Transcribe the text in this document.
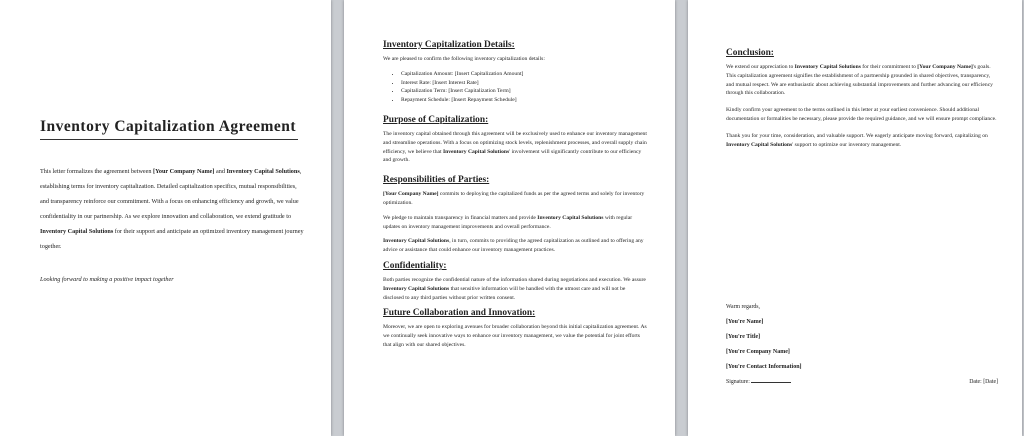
Inventory Capitalization Agreement

This letter formalizes the agreement between [Your Company Name] and Inventory Capital Solutions, establishing terms for inventory capitalization. Detailed capitalization specifics, mutual responsibilities, and transparency reinforce our commitment. With a focus on enhancing efficiency and growth, we value confidentiality in our partnership. As we explore innovation and collaboration, we extend gratitude to Inventory Capital Solutions for their support and anticipate an optimized inventory management journey together.

Looking forward to making a positive impact together
Inventory Capitalization Details:

We are pleased to confirm the following inventory capitalization details:

• Capitalization Amount: [Insert Capitalization Amount]
• Interest Rate: [Insert Interest Rate]
• Capitalization Term: [Insert Capitalization Term]
• Repayment Schedule: [Insert Repayment Schedule]
Purpose of Capitalization:

The inventory capital obtained through this agreement will be exclusively used to enhance our inventory management and streamline operations. With a focus on optimizing stock levels, replenishment processes, and overall supply chain efficiency, we believe that Inventory Capital Solutions' involvement will significantly contribute to our efficiency and growth.

Responsibilities of Parties:

[Your Company Name] commits to deploying the capitalized funds as per the agreed terms and solely for inventory optimization.

We pledge to maintain transparency in financial matters and provide Inventory Capital Solutions with regular updates on inventory management improvements and overall performance.

Inventory Capital Solutions, in turn, commits to providing the agreed capitalization as outlined and to offering any advice or assistance that could enhance our inventory management practices.

Confidentiality:

Both parties recognize the confidential nature of the information shared during negotiations and execution. We assure Inventory Capital Solutions that sensitive information will be handled with the utmost care and will not be disclosed to any third parties without prior written consent.

Future Collaboration and Innovation:

Moreover, we are open to exploring avenues for broader collaboration beyond this initial capitalization agreement. As we continually seek innovative ways to enhance our inventory management, we value the potential for joint efforts that align with our shared objectives.

Conclusion:

We extend our appreciation to Inventory Capital Solutions for their commitment to [Your Company Name]'s goals. This capitalization agreement signifies the establishment of a partnership grounded in shared objectives, transparency, and mutual respect. We are enthusiastic about achieving substantial improvements and further advancing our efficiency through this collaboration.

Kindly confirm your agreement to the terms outlined in this letter at your earliest convenience. Should additional documentation or formalities be necessary, please provide the required guidance, and we will ensure prompt compliance.

Thank you for your time, consideration, and valuable support. We eagerly anticipate moving forward, capitalizing on Inventory Capital Solutions' support to optimize our inventory management.

Warm regards,
[You're Name]
[You're Title]
[You're Company Name]
[You're Contact Information]
Signature:	Date: [Date]
